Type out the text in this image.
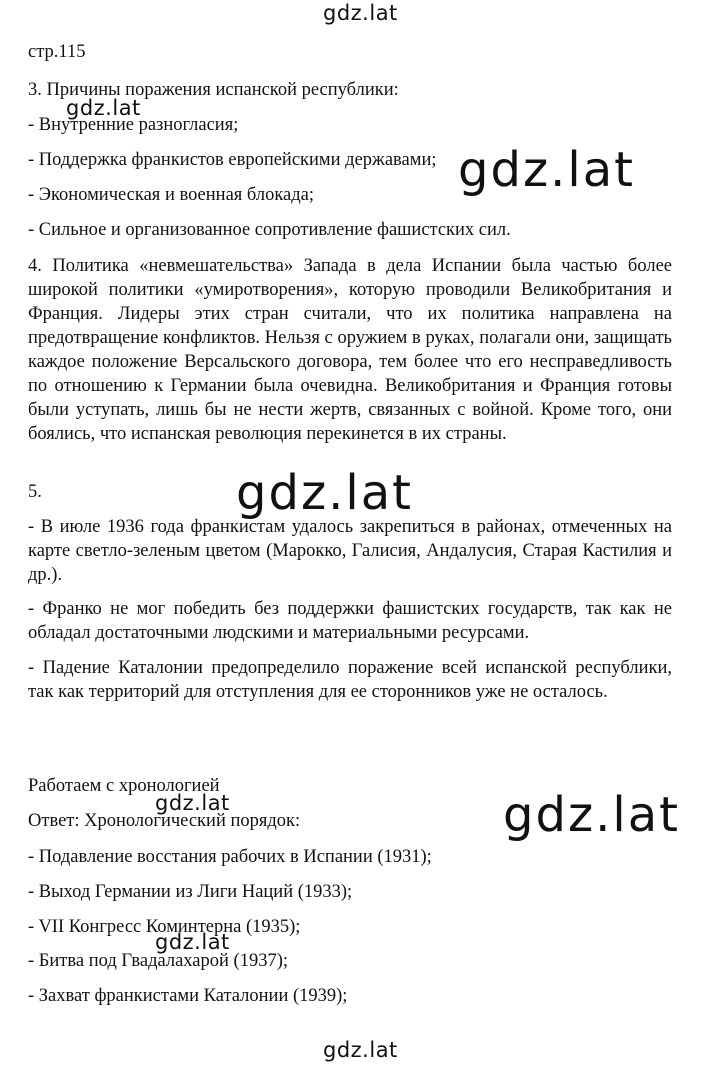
стр.115
3. Причины поражения испанской республики:
- Внутренние разногласия;
- Поддержка франкистов европейскими державами;
- Экономическая и военная блокада;
- Сильное и организованное сопротивление фашистских сил.
4. Политика «невмешательства» Запада в дела Испании была частью более широкой политики «умиротворения», которую проводили Великобритания и Франция. Лидеры этих стран считали, что их политика направлена на предотвращение конфликтов. Нельзя с оружием в руках, полагали они, защищать каждое положение Версальского договора, тем более что его несправедливость по отношению к Германии была очевидна. Великобритания и Франция готовы были уступать, лишь бы не нести жертв, связанных с войной. Кроме того, они боялись, что испанская революция перекинется в их страны.
5.
- В июле 1936 года франкистам удалось закрепиться в районах, отмеченных на карте светло-зеленым цветом (Марокко, Галисия, Андалусия, Старая Кастилия и др.).
- Франко не мог победить без поддержки фашистских государств, так как не обладал достаточными людскими и материальными ресурсами.
- Падение Каталонии предопределило поражение всей испанской республики, так как территорий для отступления для ее сторонников уже не осталось.
Работаем с хронологией
Ответ: Хронологический порядок:
- Подавление восстания рабочих в Испании (1931);
- Выход Германии из Лиги Наций (1933);
- VII Конгресс Коминтерна (1935);
- Битва под Гвадалахарой (1937);
- Захват франкистами Каталонии (1939);
gdz.lat
gdz.lat
gdz.lat
gdz.lat
gdz.lat	gdz.lat
gdz.lat
gdz.lat
